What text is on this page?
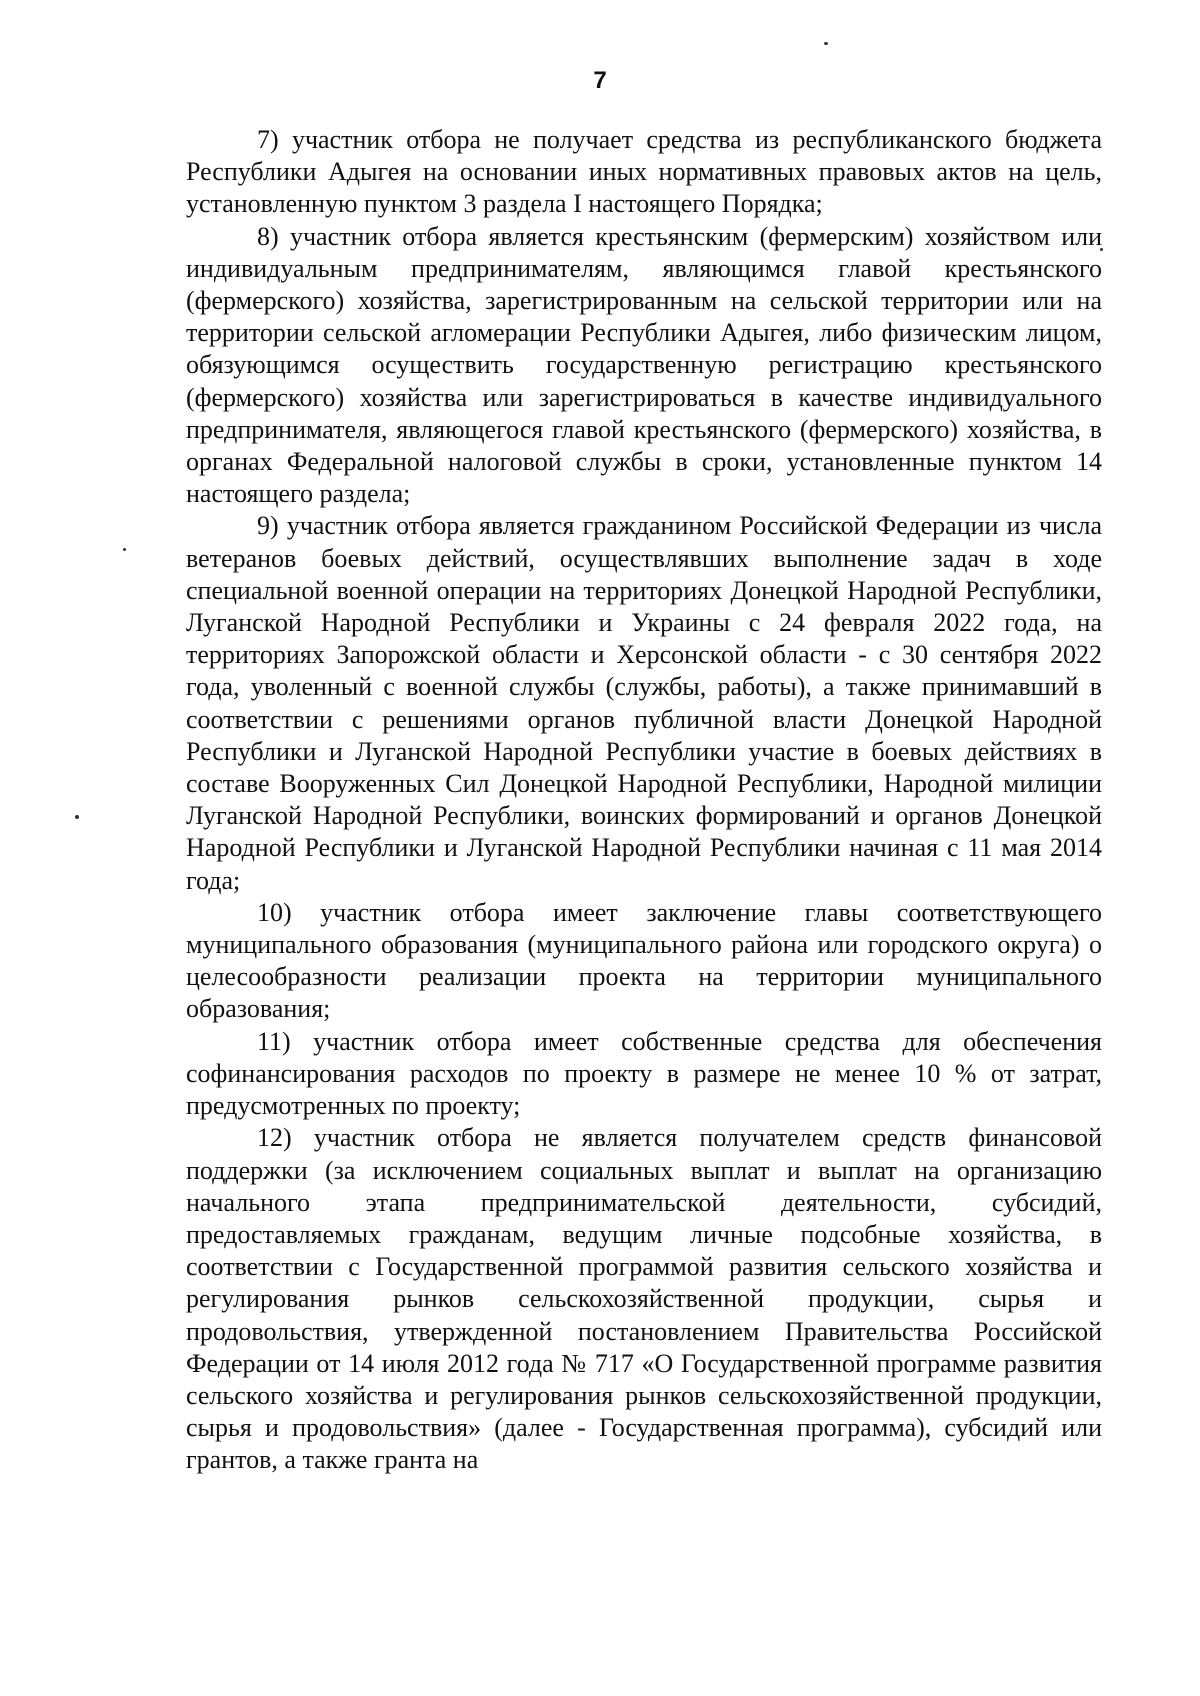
7

7) участник отбора не получает средства из республиканского бюджета Республики Адыгея на основании иных нормативных правовых актов на цель, установленную пунктом 3 раздела I настоящего Порядка;

8) участник отбора является крестьянским (фермерским) хозяйством или индивидуальным предпринимателям, являющимся главой крестьянского (фермерского) хозяйства, зарегистрированным на сельской территории или на территории сельской агломерации Республики Адыгея, либо физическим лицом, обязующимся осуществить государственную регистрацию крестьянского (фермерского) хозяйства или зарегистрироваться в качестве индивидуального предпринимателя, являющегося главой крестьянского (фермерского) хозяйства, в органах Федеральной налоговой службы в сроки, установленные пунктом 14 настоящего раздела;

9) участник отбора является гражданином Российской Федерации из числа ветеранов боевых действий, осуществлявших выполнение задач в ходе специальной военной операции на территориях Донецкой Народной Республики, Луганской Народной Республики и Украины с 24 февраля 2022 года, на территориях Запорожской области и Херсонской области - с 30 сентября 2022 года, уволенный с военной службы (службы, работы), а также принимавший в соответствии с решениями органов публичной власти Донецкой Народной Республики и Луганской Народной Республики участие в боевых действиях в составе Вооруженных Сил Донецкой Народной Республики, Народной милиции Луганской Народной Республики, воинских формирований и органов Донецкой Народной Республики и Луганской Народной Республики начиная с 11 мая 2014 года;

10) участник отбора имеет заключение главы соответствующего муниципального образования (муниципального района или городского округа) о целесообразности реализации проекта на территории муниципального образования;

11) участник отбора имеет собственные средства для обеспечения софинансирования расходов по проекту в размере не менее 10 % от затрат, предусмотренных по проекту;

12) участник отбора не является получателем средств финансовой поддержки (за исключением социальных выплат и выплат на организацию начального этапа предпринимательской деятельности, субсидий, предоставляемых гражданам, ведущим личные подсобные хозяйства, в соответствии с Государственной программой развития сельского хозяйства и регулирования рынков сельскохозяйственной продукции, сырья и продовольствия, утвержденной постановлением Правительства Российской Федерации от 14 июля 2012 года № 717 «О Государственной программе развития сельского хозяйства и регулирования рынков сельскохозяйственной продукции, сырья и продовольствия» (далее - Государственная программа), субсидий или грантов, а также гранта на
